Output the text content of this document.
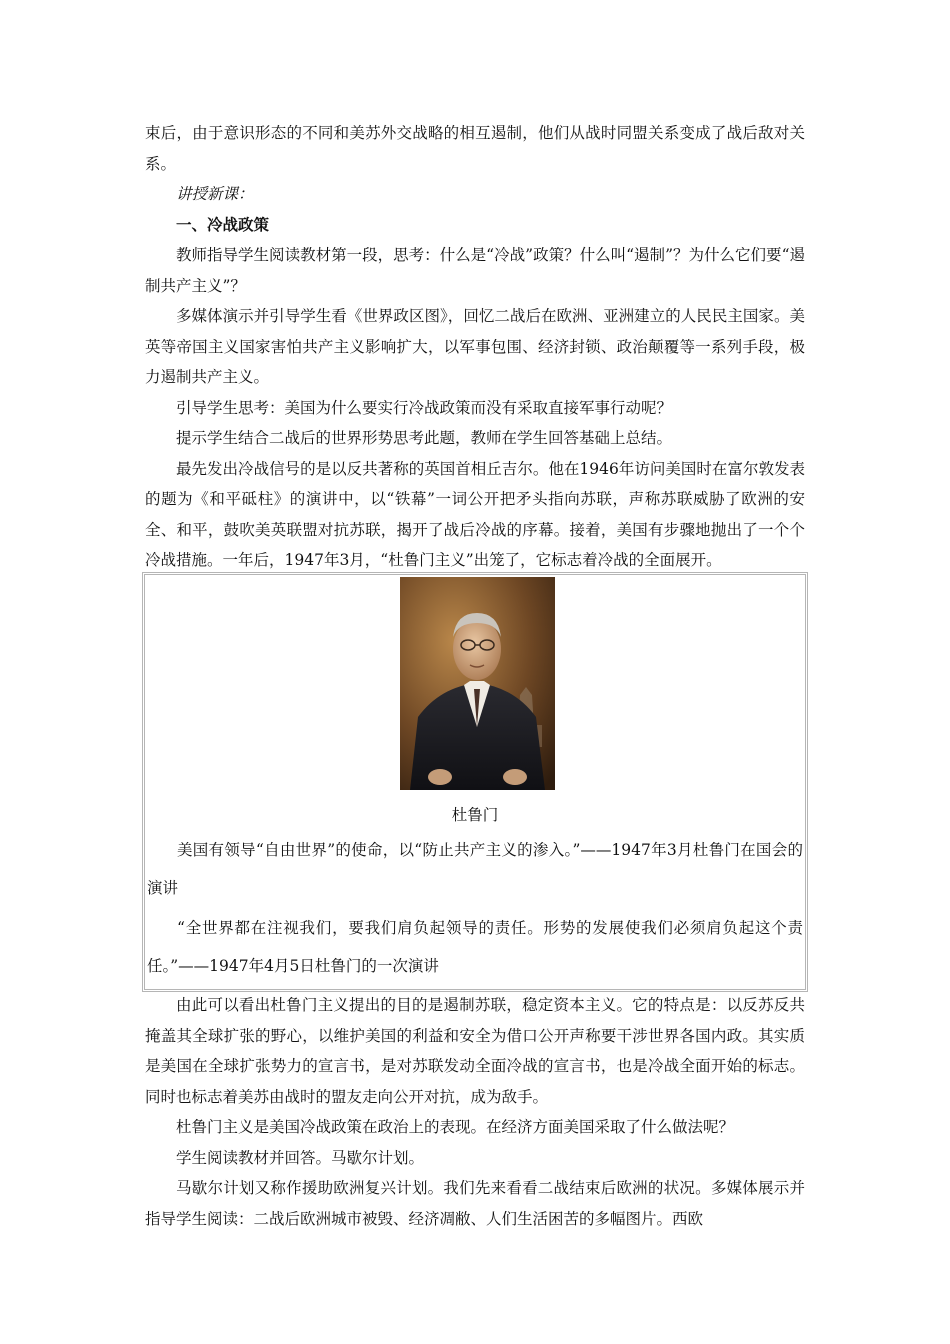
束后，由于意识形态的不同和美苏外交战略的相互遏制，他们从战时同盟关系变成了战后敌对关系。

讲授新课：

一、冷战政策

教师指导学生阅读教材第一段，思考：什么是“冷战”政策？什么叫“遏制”？为什么它们要“遏制共产主义”？

多媒体演示并引导学生看《世界政区图》，回忆二战后在欧洲、亚洲建立的人民民主国家。美英等帝国主义国家害怕共产主义影响扩大，以军事包围、经济封锁、政治颠覆等一系列手段，极力遏制共产主义。

引导学生思考：美国为什么要实行冷战政策而没有采取直接军事行动呢？

提示学生结合二战后的世界形势思考此题，教师在学生回答基础上总结。

最先发出冷战信号的是以反共著称的英国首相丘吉尔。他在1946年访问美国时在富尔敦发表的题为《和平砥柱》的演讲中，以“铁幕”一词公开把矛头指向苏联，声称苏联威胁了欧洲的安全、和平，鼓吹美英联盟对抗苏联，揭开了战后冷战的序幕。接着，美国有步骤地抛出了一个个冷战措施。一年后，1947年3月，“杜鲁门主义”出笼了，它标志着冷战的全面展开。

杜鲁门

美国有领导“自由世界”的使命，以“防止共产主义的渗入。”——1947年3月杜鲁门在国会的演讲

“全世界都在注视我们，要我们肩负起领导的责任。形势的发展使我们必须肩负起这个责任。”——1947年4月5日杜鲁门的一次演讲

由此可以看出杜鲁门主义提出的目的是遏制苏联，稳定资本主义。它的特点是：以反苏反共掩盖其全球扩张的野心，以维护美国的利益和安全为借口公开声称要干涉世界各国内政。其实质是美国在全球扩张势力的宣言书，是对苏联发动全面冷战的宣言书，也是冷战全面开始的标志。同时也标志着美苏由战时的盟友走向公开对抗，成为敌手。

杜鲁门主义是美国冷战政策在政治上的表现。在经济方面美国采取了什么做法呢？

学生阅读教材并回答。马歇尔计划。

马歇尔计划又称作援助欧洲复兴计划。我们先来看看二战结束后欧洲的状况。多媒体展示并指导学生阅读：二战后欧洲城市被毁、经济凋敝、人们生活困苦的多幅图片。西欧
